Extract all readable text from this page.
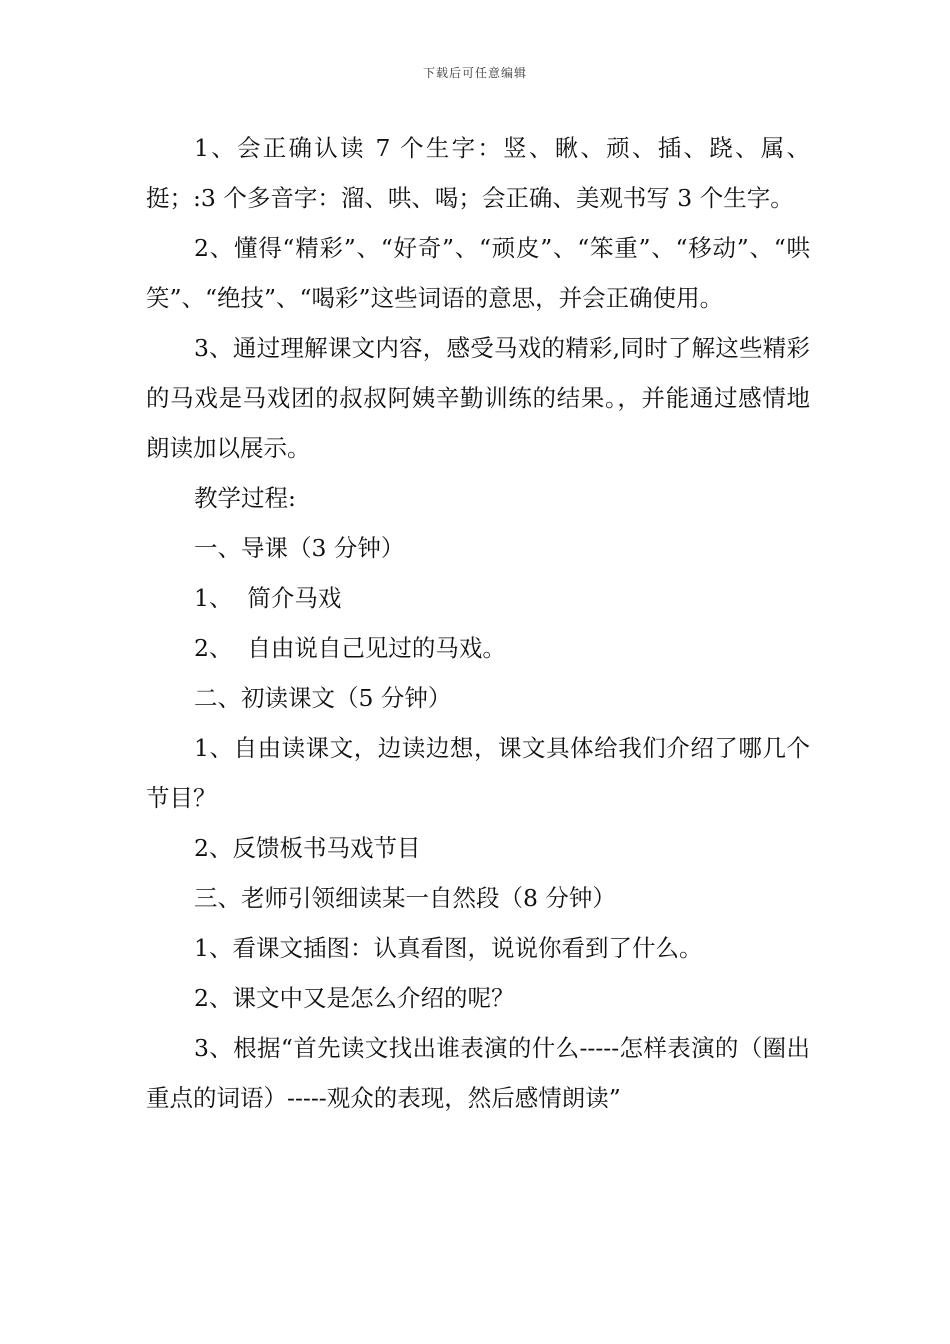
下载后可任意编辑

1、会正确认读 7 个生字：竖、瞅、顽、插、跷、属、挺；:3 个多音字：溜、哄、喝；会正确、美观书写 3 个生字。

2、懂得“精彩”、“好奇”、“顽皮”、“笨重”、“移动”、“哄笑”、“绝技”、“喝彩”这些词语的意思，并会正确使用。

3、通过理解课文内容，感受马戏的精彩,同时了解这些精彩的马戏是马戏团的叔叔阿姨辛勤训练的结果。，并能通过感情地朗读加以展示。

教学过程:

一、导课（3 分钟）

1、  简介马戏

2、  自由说自己见过的马戏。

二、初读课文（5 分钟）

1、自由读课文，边读边想，课文具体给我们介绍了哪几个节目？

2、反馈板书马戏节目

三、老师引领细读某一自然段（8 分钟）

1、看课文插图：认真看图，说说你看到了什么。

2、课文中又是怎么介绍的呢？

3、根据“首先读文找出谁表演的什么-----怎样表演的（圈出重点的词语）-----观众的表现，然后感情朗读”
